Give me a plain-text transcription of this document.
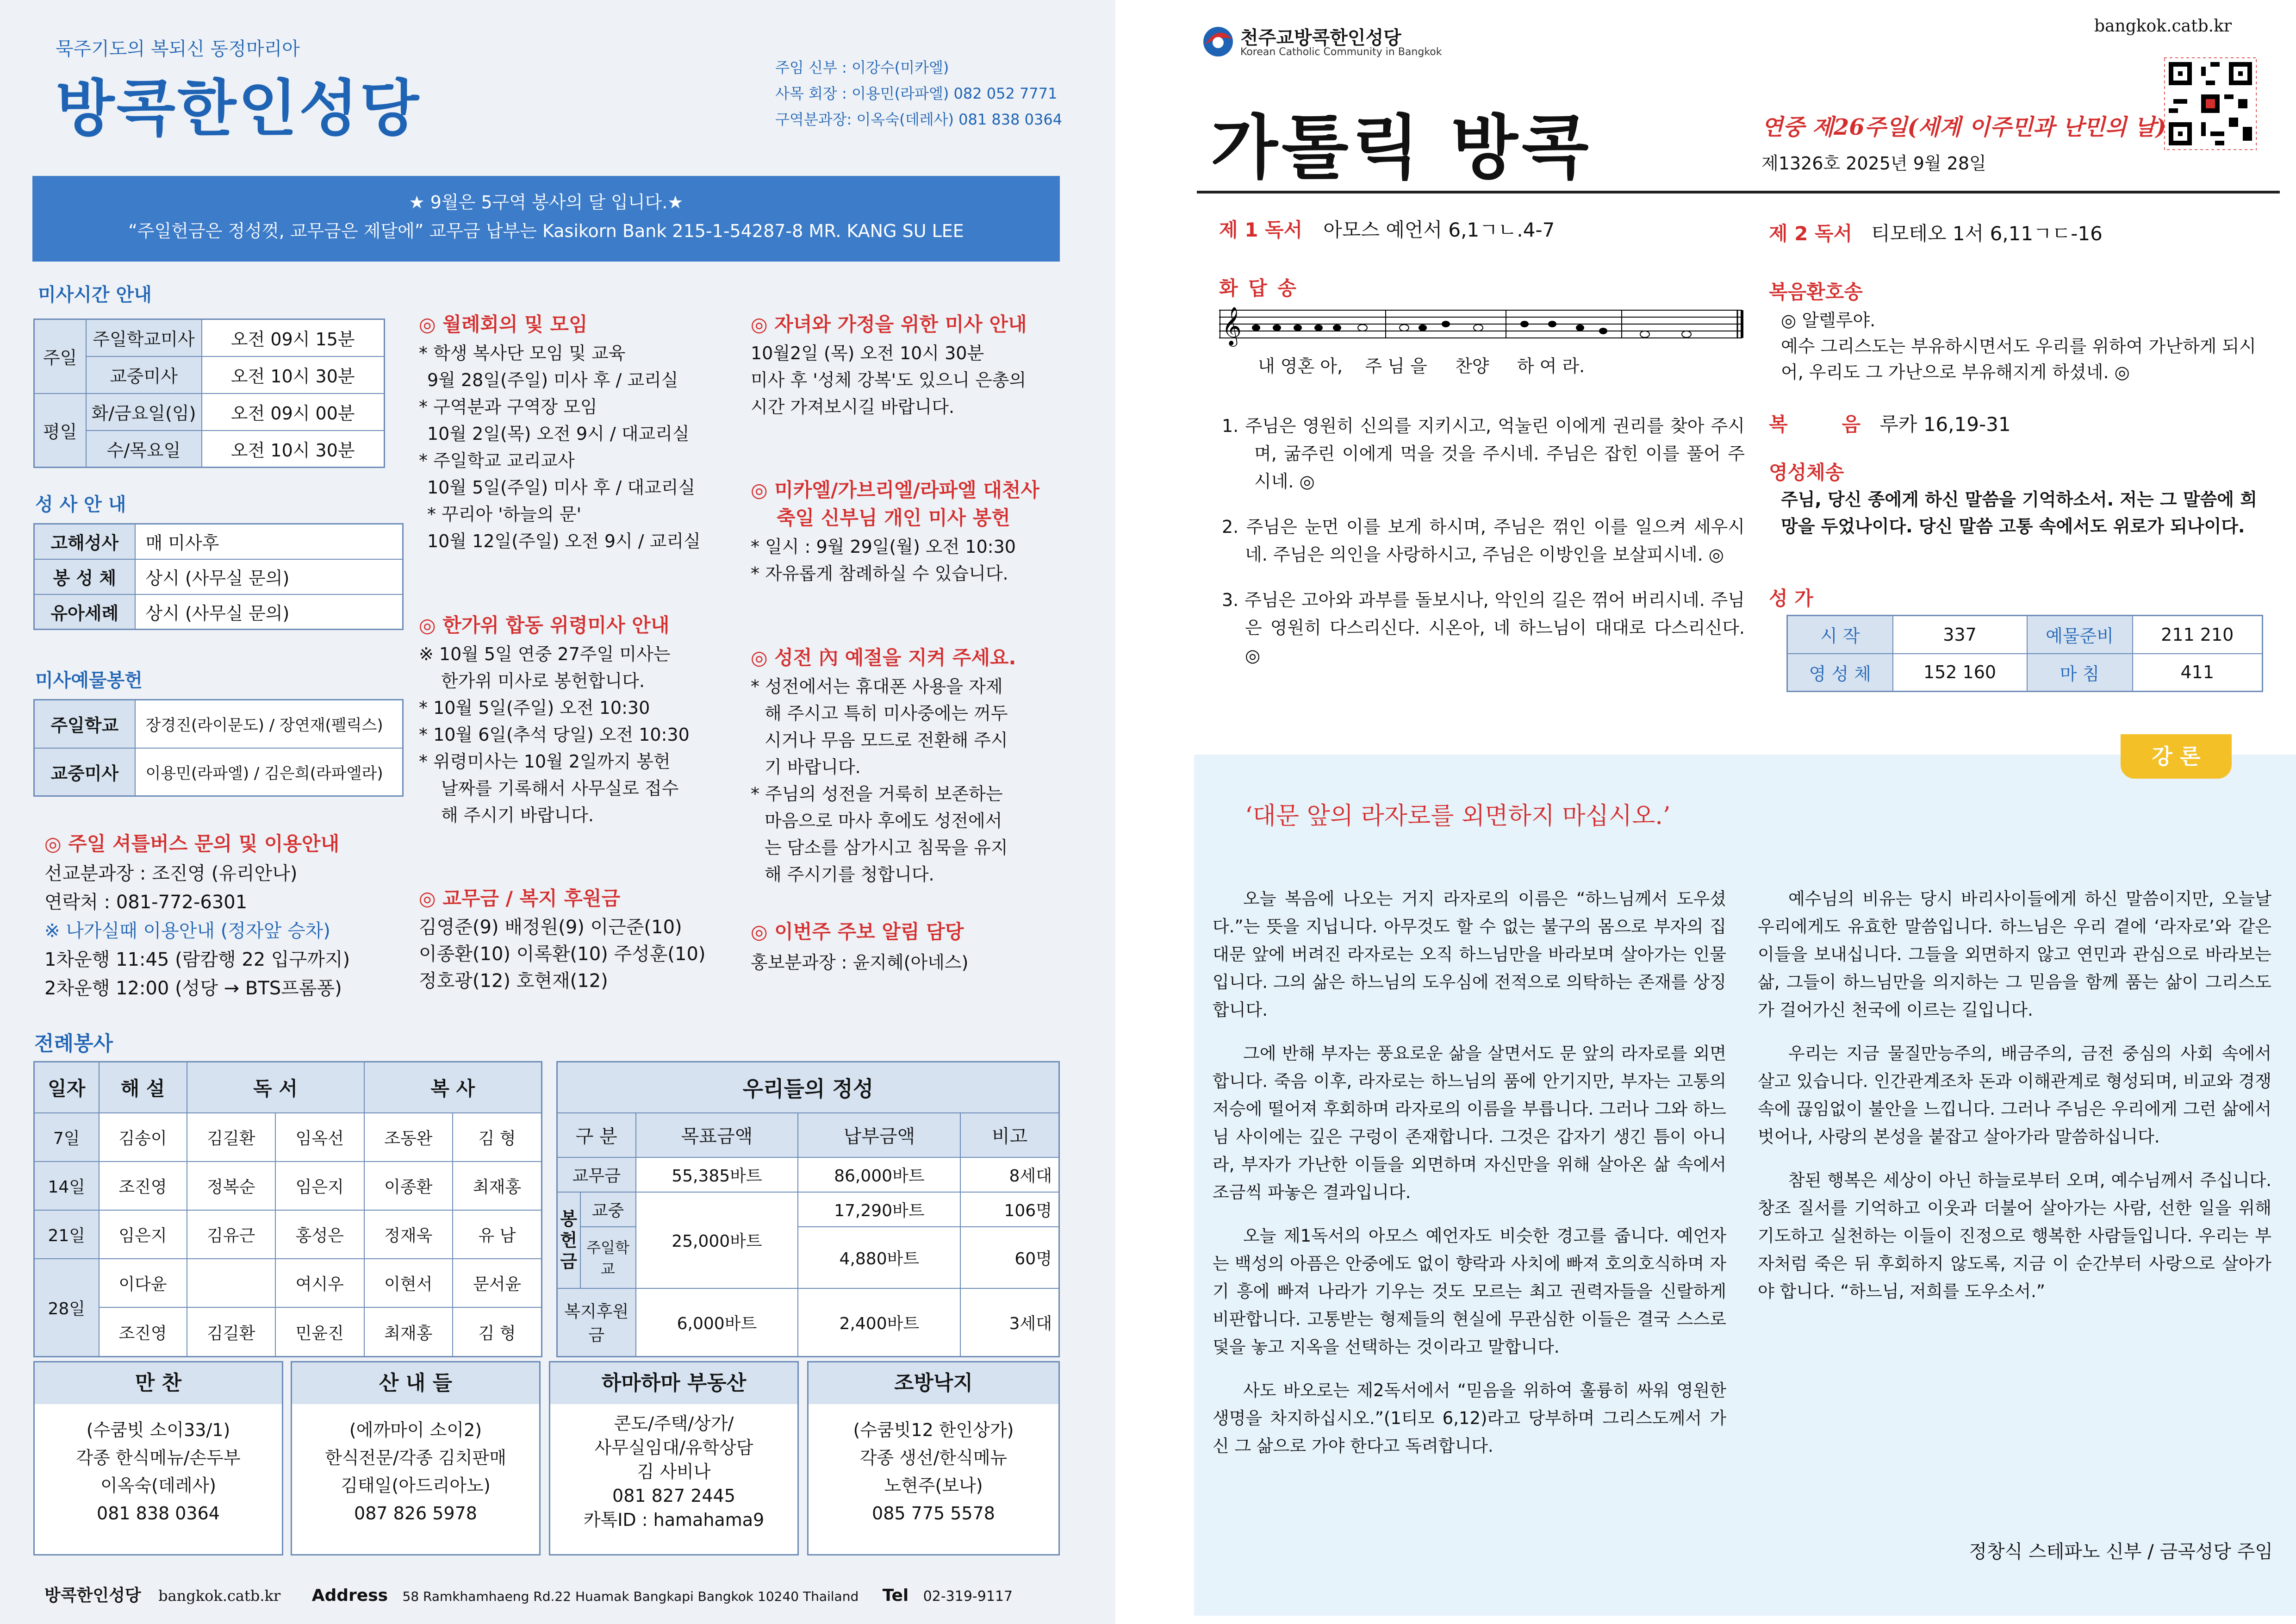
묵주기도의 복되신 동정마리아
방콕한인성당
주임 신부 : 이강수(미카엘)
사목 회장 : 이용민(라파엘) 082 052 7771
구역분과장: 이옥숙(데레사) 081 838 0364
★ 9월은 5구역 봉사의 달 입니다.★
“주일헌금은 정성껏, 교무금은 제달에” 교무금 납부는 Kasikorn Bank 215-1-54287-8 MR. KANG SU LEE
미사시간 안내
주일	주일학교미사	오전 09시 15분
	교중미사	오전 10시 30분
평일	화/금요일(임)	오전 09시 00분
	수/목요일	오전 10시 30분
성 사 안 내
고해성사	매 미사후
봉 성 체	상시 (사무실 문의)
유아세례	상시 (사무실 문의)
미사예물봉헌
주일학교	장경진(라이문도) / 장연재(펠릭스)
교중미사	이용민(라파엘) / 김은희(라파엘라)
◎ 주일 셔틀버스 문의 및 이용안내
선교분과장 : 조진영 (유리안나)
연락처 : 081-772-6301
※ 나가실때 이용안내 (정자앞 승차)
1차운행 11:45 (람캄행 22 입구까지)
2차운행 12:00 (성당 → BTS프롬퐁)
◎ 월례회의 및 모임
* 학생 복사단 모임 및 교육
9월 28일(주일) 미사 후 / 교리실
* 구역분과 구역장 모임
10월 2일(목) 오전 9시 / 대교리실
* 주일학교 교리교사
10월 5일(주일) 미사 후 / 대교리실
* 꾸리아 '하늘의 문'
10월 12일(주일) 오전 9시 / 교리실
◎ 한가위 합동 위령미사 안내
※ 10월 5일 연중 27주일 미사는
한가위 미사로 봉헌합니다.
* 10월 5일(주일) 오전 10:30
* 10월 6일(추석 당일) 오전 10:30
* 위령미사는 10월 2일까지 봉헌
날짜를 기록해서 사무실로 접수
해 주시기 바랍니다.
◎ 교무금 / 복지 후원금
김영준(9) 배정원(9) 이근준(10)
이종환(10) 이록환(10) 주성훈(10)
정호광(12) 호현재(12)
◎ 자녀와 가정을 위한 미사 안내
10월2일 (목) 오전 10시 30분
미사 후 '성체 강복'도 있으니 은총의
시간 가져보시길 바랍니다.
◎ 미카엘/가브리엘/라파엘 대천사
축일 신부님 개인 미사 봉헌
* 일시 : 9월 29일(월) 오전 10:30
* 자유롭게 참례하실 수 있습니다.
◎ 성전 內 예절을 지켜 주세요.
* 성전에서는 휴대폰 사용을 자제
해 주시고 특히 미사중에는 꺼두
시거나 무음 모드로 전환해 주시
기 바랍니다.
* 주님의 성전을 거룩히 보존하는
마음으로 마사 후에도 성전에서
는 담소를 삼가시고 침묵을 유지
해 주시기를 청합니다.
◎ 이번주 주보 알림 담당
홍보분과장 : 윤지혜(아네스)
전례봉사
일자	해 설	독 서		복 사	
7일	김송이	김길환	임옥선	조동완	김 형
14일	조진영	정복순	임은지	이종환	최재홍
21일	임은지	김유근	홍성은	정재욱	유 남
28일	이다윤		여시우	이현서	문서윤
	조진영	김길환	민윤진	최재홍	김 형
우리들의 정성				
구 분		목표금액	납부금액	비고
교무금		55,385바트	86,000바트	8세대
봉헌금	교중	25,000바트	17,290바트	106명
	주일학교		4,880바트	60명
복지후원금		6,000바트	2,400바트	3세대
만 찬
(수쿰빗 소이33/1)
각종 한식메뉴/손두부
이옥숙(데레사)
081 838 0364
산 내 들
(에까마이 소이2)
한식전문/각종 김치판매
김태일(아드리아노)
087 826 5978
하마하마 부동산
콘도/주택/상가/
사무실임대/유학상담
김 사비나
081 827 2445
카톡ID : hamahama9
조방낙지
(수쿰빗12 한인상가)
각종 생선/한식메뉴
노현주(보나)
085 775 5578
방콕한인성당 bangkok.catb.kr Address 58 Ramkhamhaeng Rd.22 Huamak Bangkapi Bangkok 10240 Thailand Tel 02-319-9117
천주교방콕한인성당
Korean Catholic Community in Bangkok
bangkok.catb.kr
가톨릭 방콕	연중 제26주일(세계 이주민과 난민의 날)
제1326호 2025년 9월 28일
제 1 독서 아모스 예언서 6,1ㄱㄴ.4-7
화 답 송
𝄞
내 영혼 아,    주 님 을     찬양     하 여 라.

1. 주님은 영원히 신의를 지키시고, 억눌린 이에게 권리를 찾아 주시며, 굶주린 이에게 먹을 것을 주시네. 주님은 잡힌 이를 풀어 주시네. ◎

2. 주님은 눈먼 이를 보게 하시며, 주님은 꺾인 이를 일으켜 세우시네. 주님은 의인을 사랑하시고, 주님은 이방인을 보살피시네. ◎

3. 주님은 고아와 과부를 돌보시나, 악인의 길은 꺾어 버리시네. 주님은 영원히 다스리신다. 시온아, 네 하느님이 대대로 다스리신다. ◎

제 2 독서 티모테오 1서 6,11ㄱㄷ-16
복음환호송
◎ 알렐루야.
예수 그리스도는 부유하시면서도 우리를 위하여 가난하게 되시어, 우리도 그 가난으로 부유해지게 하셨네. ◎
복        음 루카 16,19-31
영성체송
주님, 당신 종에게 하신 말씀을 기억하소서. 저는 그 말씀에 희망을 두었나이다. 당신 말씀 고통 속에서도 위로가 되나이다.
성 가
시 작	337	예물준비	211 210
영 성 체	152 160	마 침	411
강 론
‘대문 앞의 라자로를 외면하지 마십시오.’

오늘 복음에 나오는 거지 라자로의 이름은 “하느님께서 도우셨다.”는 뜻을 지닙니다. 아무것도 할 수 없는 불구의 몸으로 부자의 집 대문 앞에 버려진 라자로는 오직 하느님만을 바라보며 살아가는 인물입니다. 그의 삶은 하느님의 도우심에 전적으로 의탁하는 존재를 상징합니다.

그에 반해 부자는 풍요로운 삶을 살면서도 문 앞의 라자로를 외면합니다. 죽음 이후, 라자로는 하느님의 품에 안기지만, 부자는 고통의 저승에 떨어져 후회하며 라자로의 이름을 부릅니다. 그러나 그와 하느님 사이에는 깊은 구렁이 존재합니다. 그것은 갑자기 생긴 틈이 아니라, 부자가 가난한 이들을 외면하며 자신만을 위해 살아온 삶 속에서 조금씩 파놓은 결과입니다.

오늘 제1독서의 아모스 예언자도 비슷한 경고를 줍니다. 예언자는 백성의 아픔은 안중에도 없이 향락과 사치에 빠져 호의호식하며 자기 흥에 빠져 나라가 기우는 것도 모르는 최고 권력자들을 신랄하게 비판합니다. 고통받는 형제들의 현실에 무관심한 이들은 결국 스스로 덫을 놓고 지옥을 선택하는 것이라고 말합니다.

사도 바오로는 제2독서에서 “믿음을 위하여 훌륭히 싸워 영원한 생명을 차지하십시오.”(1티모 6,12)라고 당부하며 그리스도께서 가신 그 삶으로 가야 한다고 독려합니다.

예수님의 비유는 당시 바리사이들에게 하신 말씀이지만, 오늘날 우리에게도 유효한 말씀입니다. 하느님은 우리 곁에 ‘라자로’와 같은 이들을 보내십니다. 그들을 외면하지 않고 연민과 관심으로 바라보는 삶, 그들이 하느님만을 의지하는 그 믿음을 함께 품는 삶이 그리스도가 걸어가신 천국에 이르는 길입니다.

우리는 지금 물질만능주의, 배금주의, 금전 중심의 사회 속에서 살고 있습니다. 인간관계조차 돈과 이해관계로 형성되며, 비교와 경쟁 속에 끊임없이 불안을 느낍니다. 그러나 주님은 우리에게 그런 삶에서 벗어나, 사랑의 본성을 붙잡고 살아가라 말씀하십니다.

참된 행복은 세상이 아닌 하늘로부터 오며, 예수님께서 주십니다. 창조 질서를 기억하고 이웃과 더불어 살아가는 사람, 선한 일을 위해 기도하고 실천하는 이들이 진정으로 행복한 사람들입니다. 우리는 부자처럼 죽은 뒤 후회하지 않도록, 지금 이 순간부터 사랑으로 살아가야 합니다. “하느님, 저희를 도우소서.”

정창식 스테파노 신부 / 금곡성당 주임
